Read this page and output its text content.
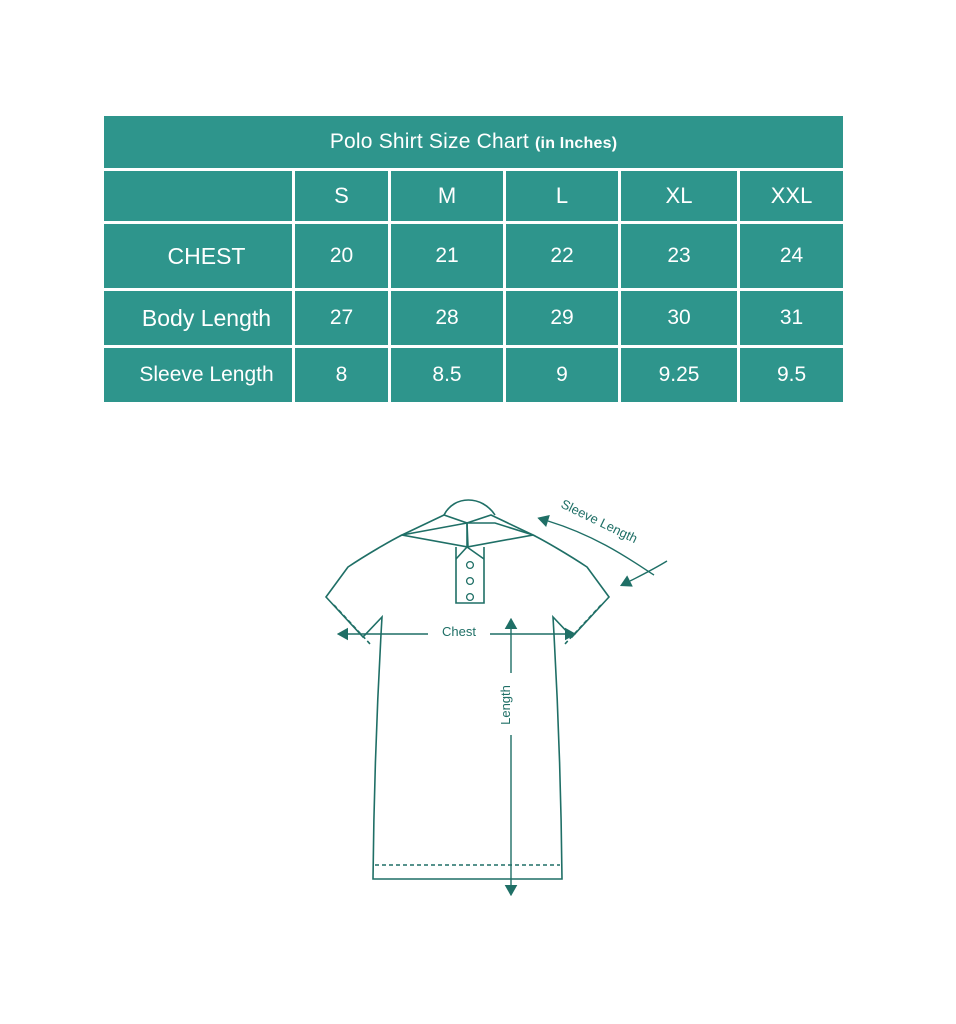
Polo Shirt Size Chart (in Inches)					
	S	M	L	XL	XXL
CHEST	20	21	22	23	24
Body Length	27	28	29	30	31
Sleeve Length	8	8.5	9	9.25	9.5
Chest
Length
Sleeve Length
